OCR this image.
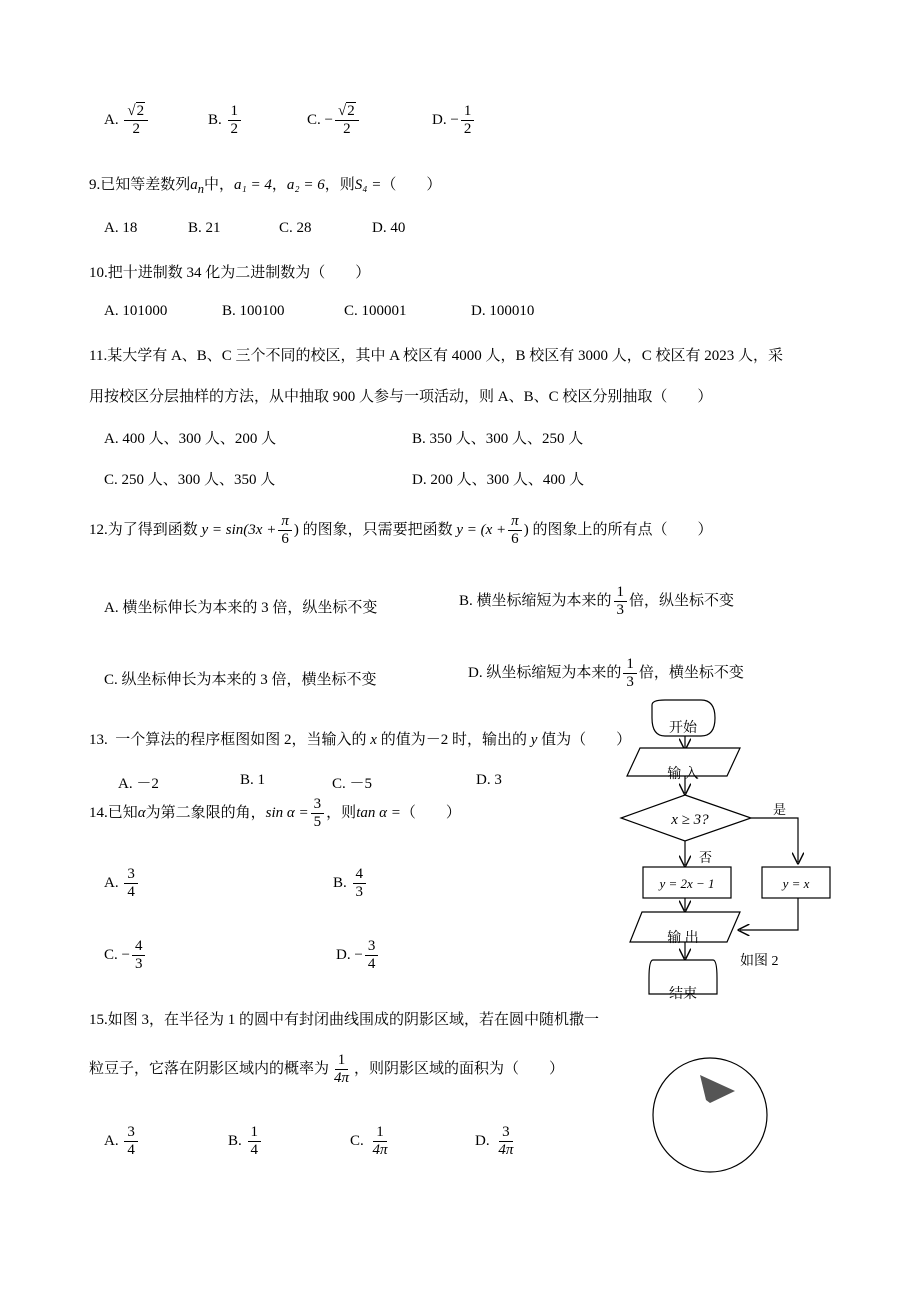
A. $\frac{√2}{2}$	B. $\frac{1}{2}$	C. − $\frac{√2}{2}$	D. − $\frac{1}{2}$
9.已知等差数列$a_n$中，a₁ = 4，a₂ = 6，则S₄ =（　　）
A. 18	B. 21	C. 28	D. 40
10.把十进制数 34 化为二进制数为（　　）
A. 101000	B. 100100	C. 100001	D. 100010
11.某大学有 A、B、C 三个不同的校区，其中 A 校区有 4000 人，B 校区有 3000 人，C 校区有 2023 人，采
用按校区分层抽样的方法，从中抽取 900 人参与一项活动，则 A、B、C 校区分别抽取（　　）
A. 400 人、300 人、200 人	B. 350 人、300 人、250 人
C. 250 人、300 人、350 人	D. 200 人、300 人、400 人
12.为了得到函数 $y = \sin(3x + \frac{\pi}{6}$ ) 的图象，只需要把函数 $y = (x + \frac{\pi}{6}$ ) 的图象上的所有点（　　）
A. 横坐标伸长为本来的 3 倍，纵坐标不变	B. 横坐标缩短为本来的 $\frac{1}{3}$ 倍，纵坐标不变
C. 纵坐标伸长为本来的 3 倍，横坐标不变	D. 纵坐标缩短为本来的 $\frac{1}{3}$ 倍，横坐标不变
13. 一个算法的程序框图如图 2，当输入的 x 的值为－2 时，输出的 y 值为（　　）
A. －2	B. 1	C. －5	D. 3
14.已知α为第二象限的角，$\sin \alpha = \frac{3}{5}$ ，则tan α =（　　）
A. $\frac{3}{4}$	B. $\frac{4}{3}$
C. − $\frac{4}{3}$	D. − $\frac{3}{4}$
15.如图 3，在半径为 1 的圆中有封闭曲线围成的阴影区域，若在圆中随机撒一
粒豆子，它落在阴影区域内的概率为 $\frac{1}{4\pi}$ ，则阴影区域的面积为（　　）
A. $\frac{3}{4}$	B. $\frac{1}{4}$	C. $\frac{1}{4\pi}$	D. $\frac{3}{4\pi}$
开始
输 入
x ≥ 3?
是
否
y = 2x − 1	y = x
输 出
结束
如图 2
